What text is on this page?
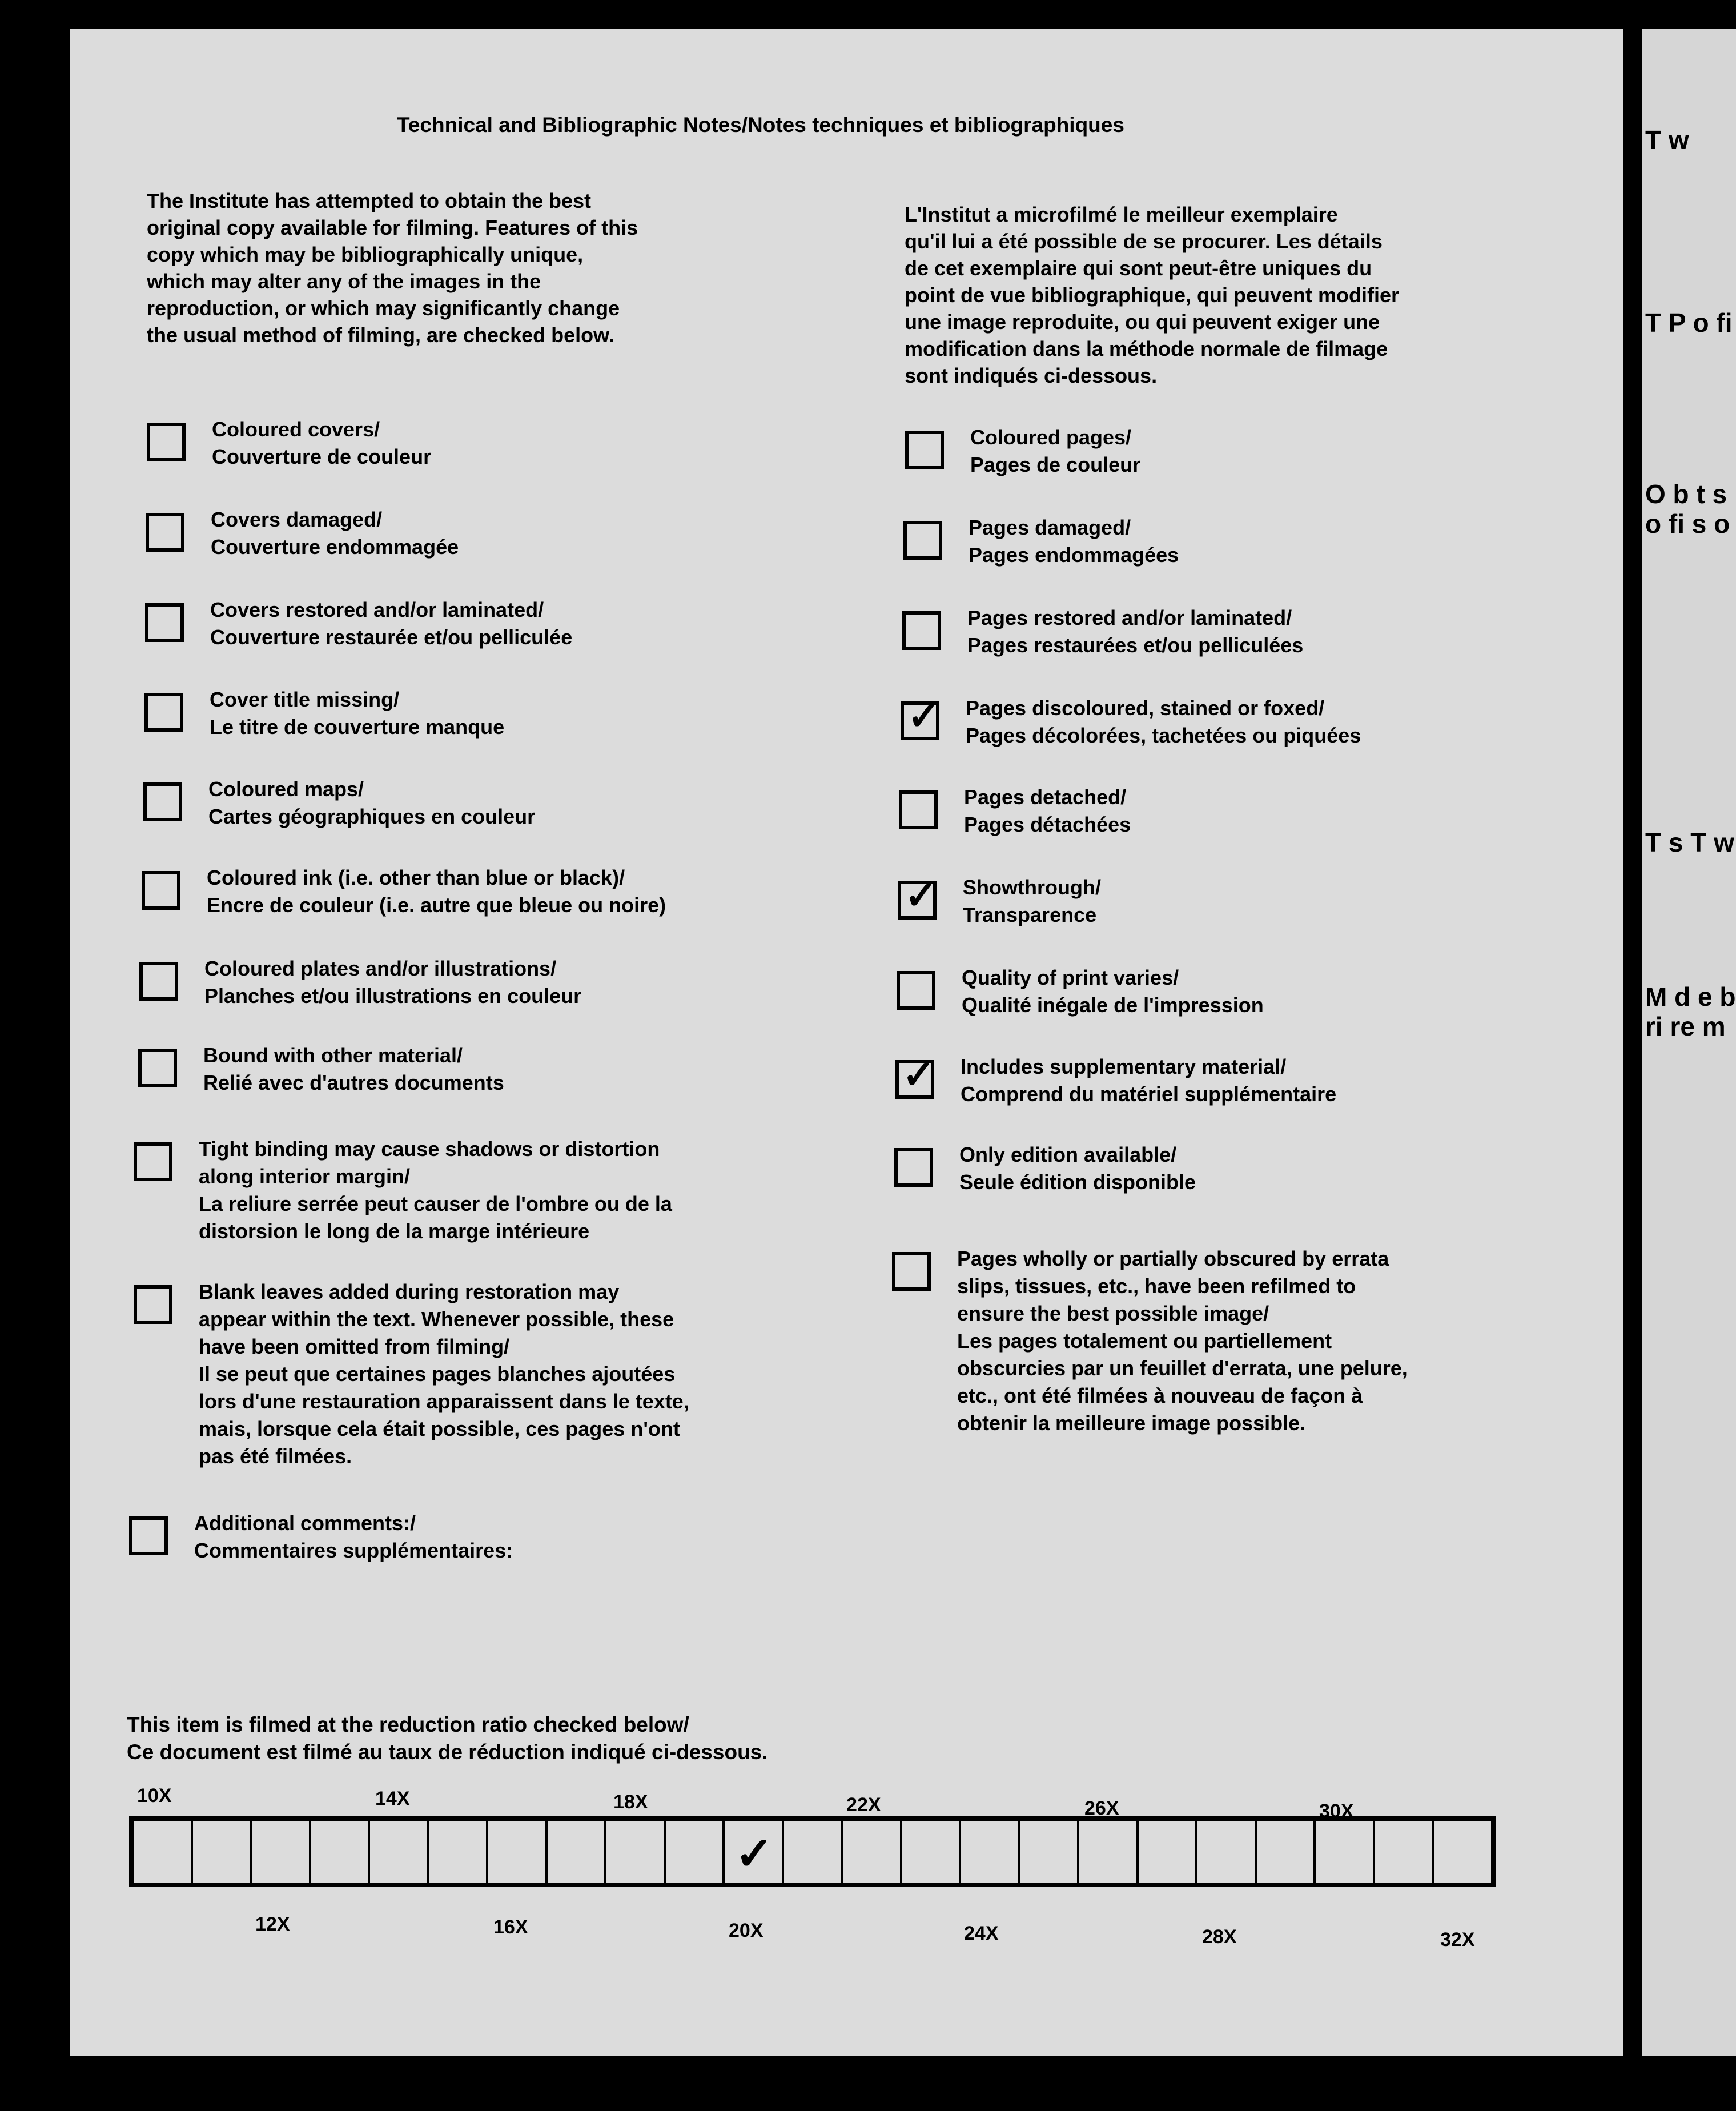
Technical and Bibliographic Notes/Notes techniques et bibliographiques
The Institute has attempted to obtain the best
original copy available for filming. Features of this
copy which may be bibliographically unique,
which may alter any of the images in the
reproduction, or which may significantly change
the usual method of filming, are checked below.
L'Institut a microfilmé le meilleur exemplaire
qu'il lui a été possible de se procurer. Les détails
de cet exemplaire qui sont peut-être uniques du
point de vue bibliographique, qui peuvent modifier
une image reproduite, ou qui peuvent exiger une
modification dans la méthode normale de filmage
sont indiqués ci-dessous.
Coloured covers/
Couverture de couleur
Covers damaged/
Couverture endommagée
Covers restored and/or laminated/
Couverture restaurée et/ou pelliculée
Cover title missing/
Le titre de couverture manque
Coloured maps/
Cartes géographiques en couleur
Coloured ink (i.e. other than blue or black)/
Encre de couleur (i.e. autre que bleue ou noire)
Coloured plates and/or illustrations/
Planches et/ou illustrations en couleur
Bound with other material/
Relié avec d'autres documents
Tight binding may cause shadows or distortion
along interior margin/
La reliure serrée peut causer de l'ombre ou de la
distorsion le long de la marge intérieure
Blank leaves added during restoration may
appear within the text. Whenever possible, these
have been omitted from filming/
Il se peut que certaines pages blanches ajoutées
lors d'une restauration apparaissent dans le texte,
mais, lorsque cela était possible, ces pages n'ont
pas été filmées.
Additional comments:/
Commentaires supplémentaires:
Coloured pages/
Pages de couleur
Pages damaged/
Pages endommagées
Pages restored and/or laminated/
Pages restaurées et/ou pelliculées
✓ Pages discoloured, stained or foxed/
Pages décolorées, tachetées ou piquées
Pages detached/
Pages détachées
✓ Showthrough/
Transparence
Quality of print varies/
Qualité inégale de l'impression
✓ Includes supplementary material/
Comprend du matériel supplémentaire
Only edition available/
Seule édition disponible
Pages wholly or partially obscured by errata
slips, tissues, etc., have been refilmed to
ensure the best possible image/
Les pages totalement ou partiellement
obscurcies par un feuillet d'errata, une pelure,
etc., ont été filmées à nouveau de façon à
obtenir la meilleure image possible.
This item is filmed at the reduction ratio checked below/
Ce document est filmé au taux de réduction indiqué ci-dessous.
10X	14X	18X	22X	26X	30X
✓
12X	16X	20X	24X	28X	32X
T w
T P o fi
O b t s o fi s o
T s T w
M d e b ri re m
